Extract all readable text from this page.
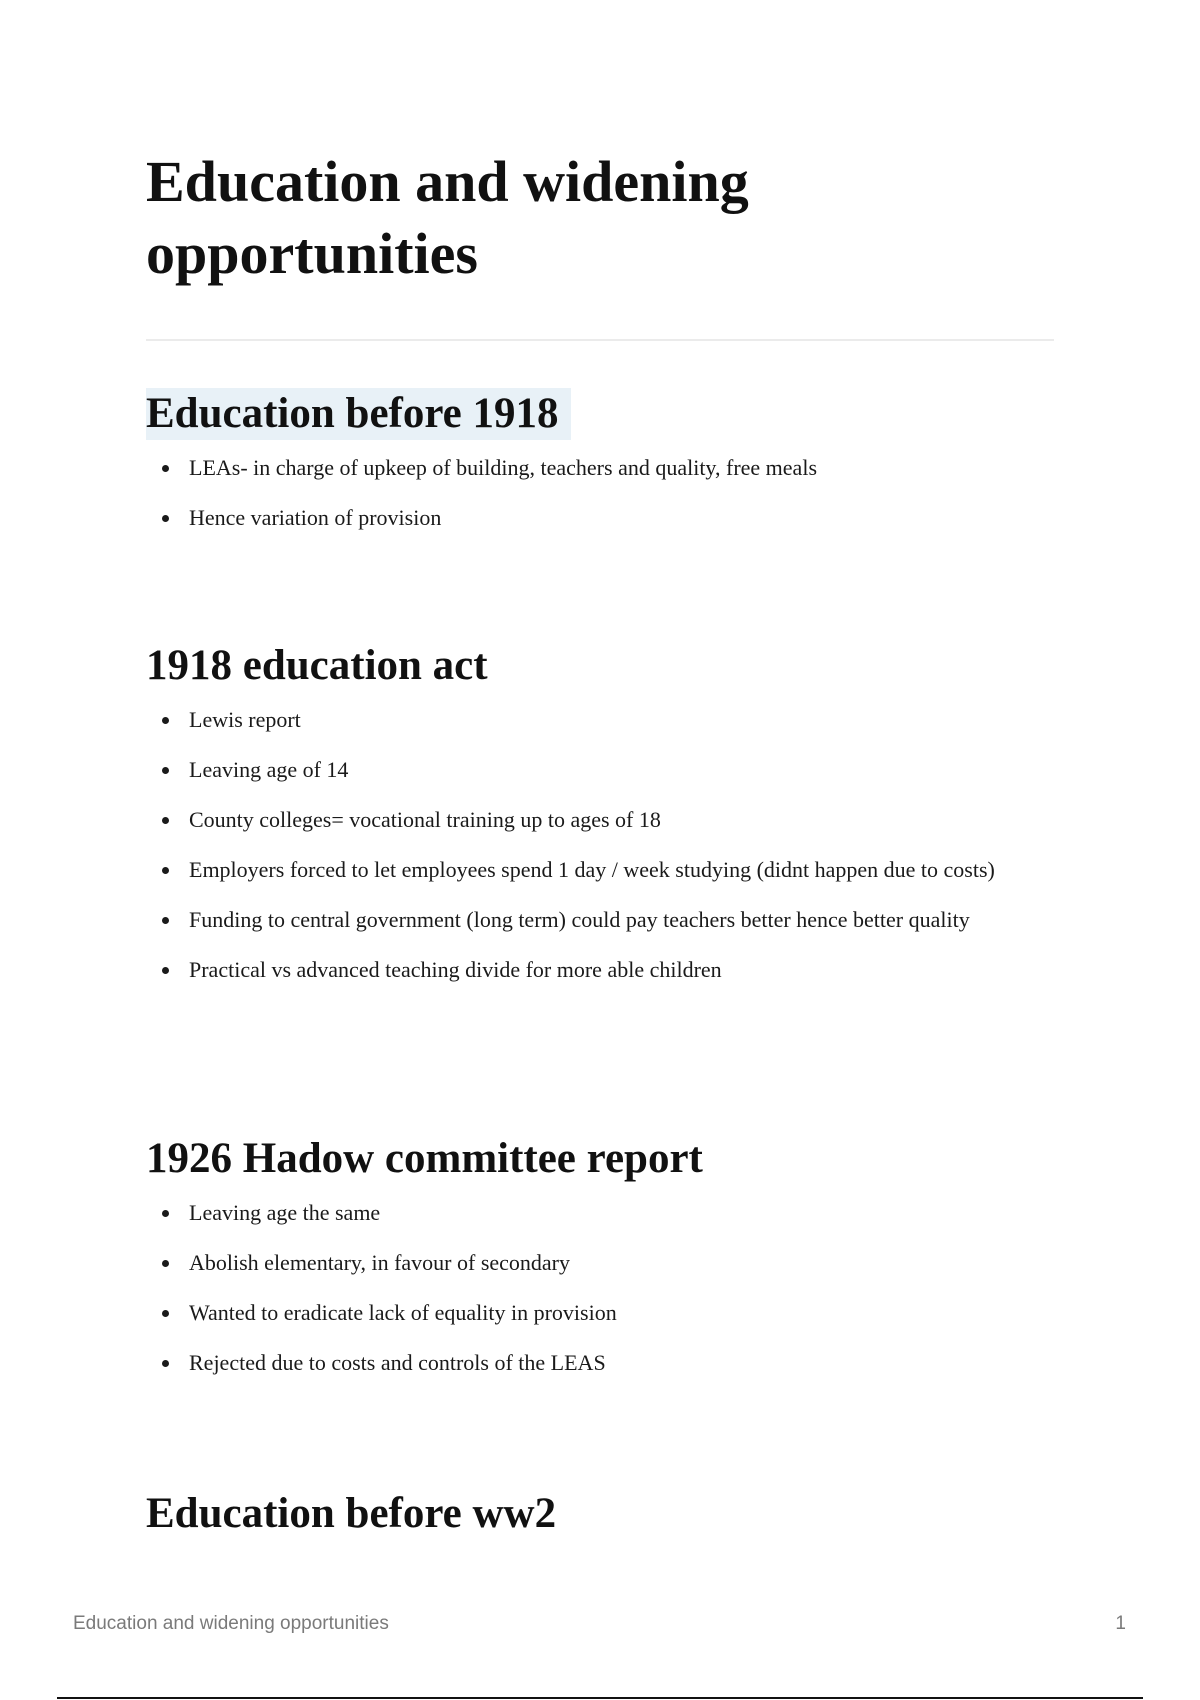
Education and widening opportunities
Education before 1918
LEAs- in charge of upkeep of building, teachers and quality, free meals
Hence variation of provision
1918 education act
Lewis report
Leaving age of 14
County colleges= vocational training up to ages of 18
Employers forced to let employees spend 1 day / week studying (didnt happen due to costs)
Funding to central government (long term) could pay teachers better hence better quality
Practical vs advanced teaching divide for more able children
1926 Hadow committee report
Leaving age the same
Abolish elementary, in favour of secondary
Wanted to eradicate lack of equality in provision
Rejected due to costs and controls of the LEAS
Education before ww2
Education and widening opportunities	1
